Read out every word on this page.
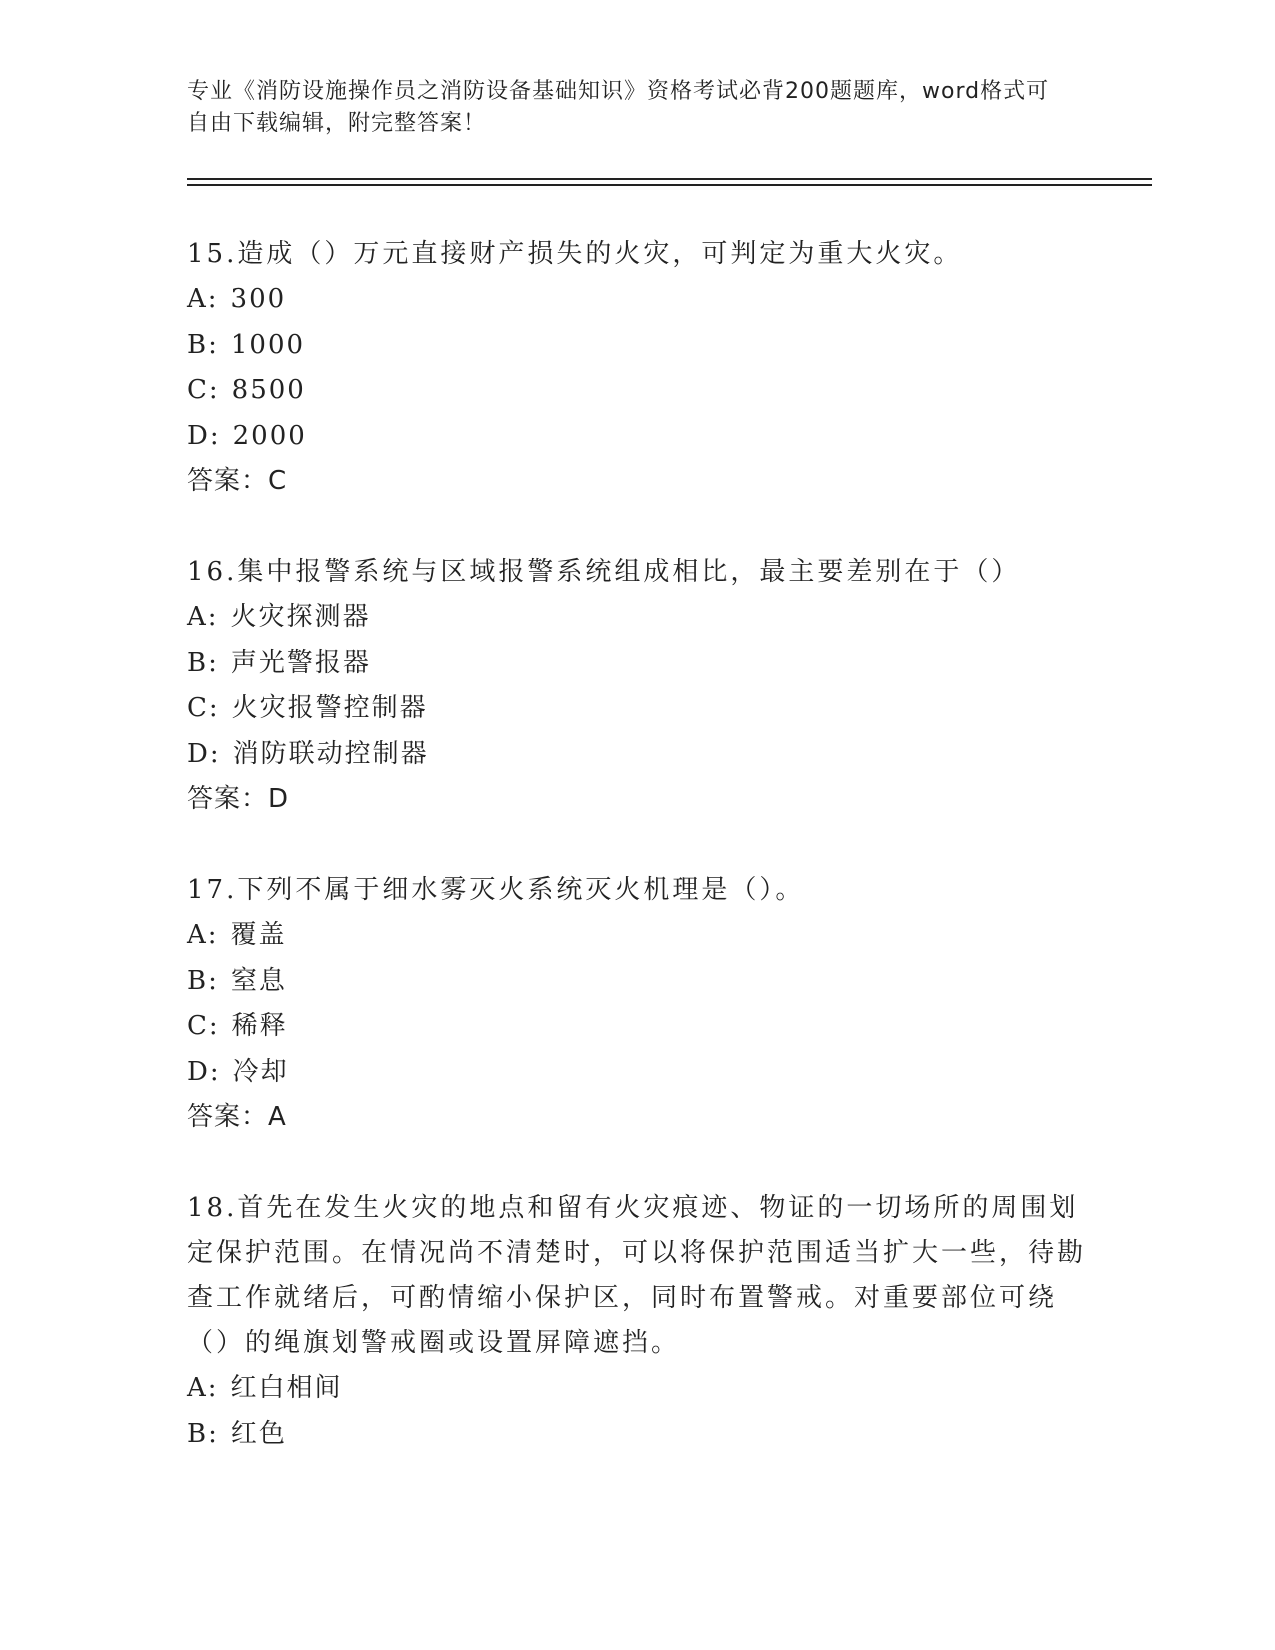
专业《消防设施操作员之消防设备基础知识》资格考试必背200题题库，word格式可自由下载编辑，附完整答案！

15.造成（）万元直接财产损失的火灾，可判定为重大火灾。

A: 300
B: 1000
C: 8500
D: 2000

答案：C

16.集中报警系统与区域报警系统组成相比，最主要差别在于（）

A: 火灾探测器
B: 声光警报器
C: 火灾报警控制器
D: 消防联动控制器

答案：D

17.下列不属于细水雾灭火系统灭火机理是（）。

A: 覆盖
B: 窒息
C: 稀释
D: 冷却

答案：A

18.首先在发生火灾的地点和留有火灾痕迹、物证的一切场所的周围划定保护范围。在情况尚不清楚时，可以将保护范围适当扩大一些，待勘查工作就绪后，可酌情缩小保护区，同时布置警戒。对重要部位可绕（）的绳旗划警戒圈或设置屏障遮挡。

A: 红白相间
B: 红色
